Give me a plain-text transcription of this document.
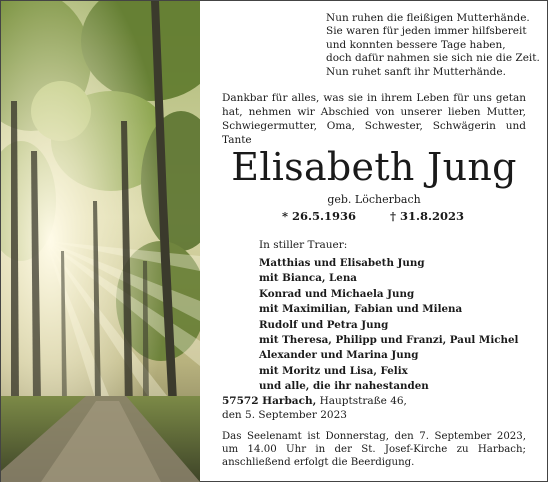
Nun ruhen die fleißigen Mutterhände.
Sie waren für jeden immer hilfsbereit
und konnten bessere Tage haben,
doch dafür nahmen sie sich nie die Zeit.
Nun ruhet sanft ihr Mutterhände.
Dankbar für alles, was sie in ihrem Leben für uns getan hat, nehmen wir Abschied von unserer lieben Mutter, Schwiegermutter, Oma, Schwester, Schwägerin und Tante
Elisabeth Jung
geb. Löcherbach
* 26.5.1936	† 31.8.2023
In stiller Trauer:
Matthias und Elisabeth Jung
mit Bianca, Lena
Konrad und Michaela Jung
mit Maximilian, Fabian und Milena
Rudolf und Petra Jung
mit Theresa, Philipp und Franzi, Paul Michel
Alexander und Marina Jung
mit Moritz und Lisa, Felix
und alle, die ihr nahestanden
57572 Harbach, Hauptstraße 46,
den 5. September 2023
Das Seelenamt ist Donnerstag, den 7. September 2023, um 14.00 Uhr in der St. Josef-Kirche zu Harbach; anschließend erfolgt die Beerdigung.
